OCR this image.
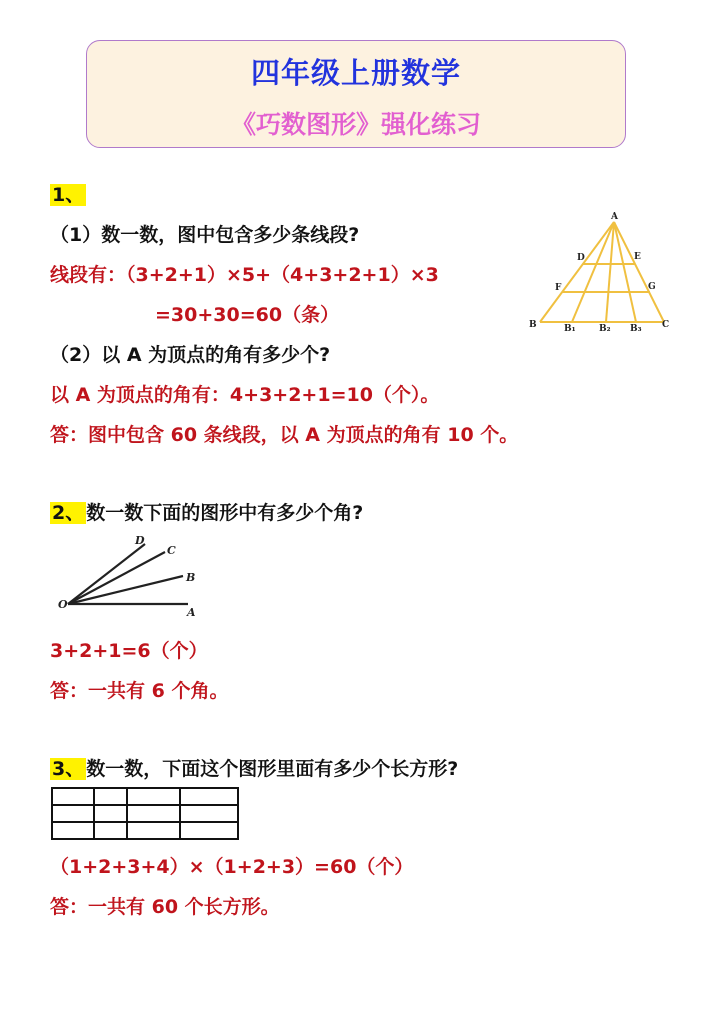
四年级上册数学
《巧数图形》强化练习
1、
（1）数一数，图中包含多少条线段?
线段有：（3+2+1）×5+（4+3+2+1）×3
=30+30=60（条）
（2）以 A 为顶点的角有多少个?
以 A 为顶点的角有：4+3+2+1=10（个）。
答：图中包含 60 条线段，以 A 为顶点的角有 10 个。
A
D	E
F	G
B	B₁	B₂ B₃ C
2、 数一数下面的图形中有多少个角?
O
A
B
C
D
3+2+1=6（个）
答：一共有 6 个角。
3、 数一数，下面这个图形里面有多少个长方形?
（1+2+3+4）×（1+2+3）=60（个）
答：一共有 60 个长方形。
